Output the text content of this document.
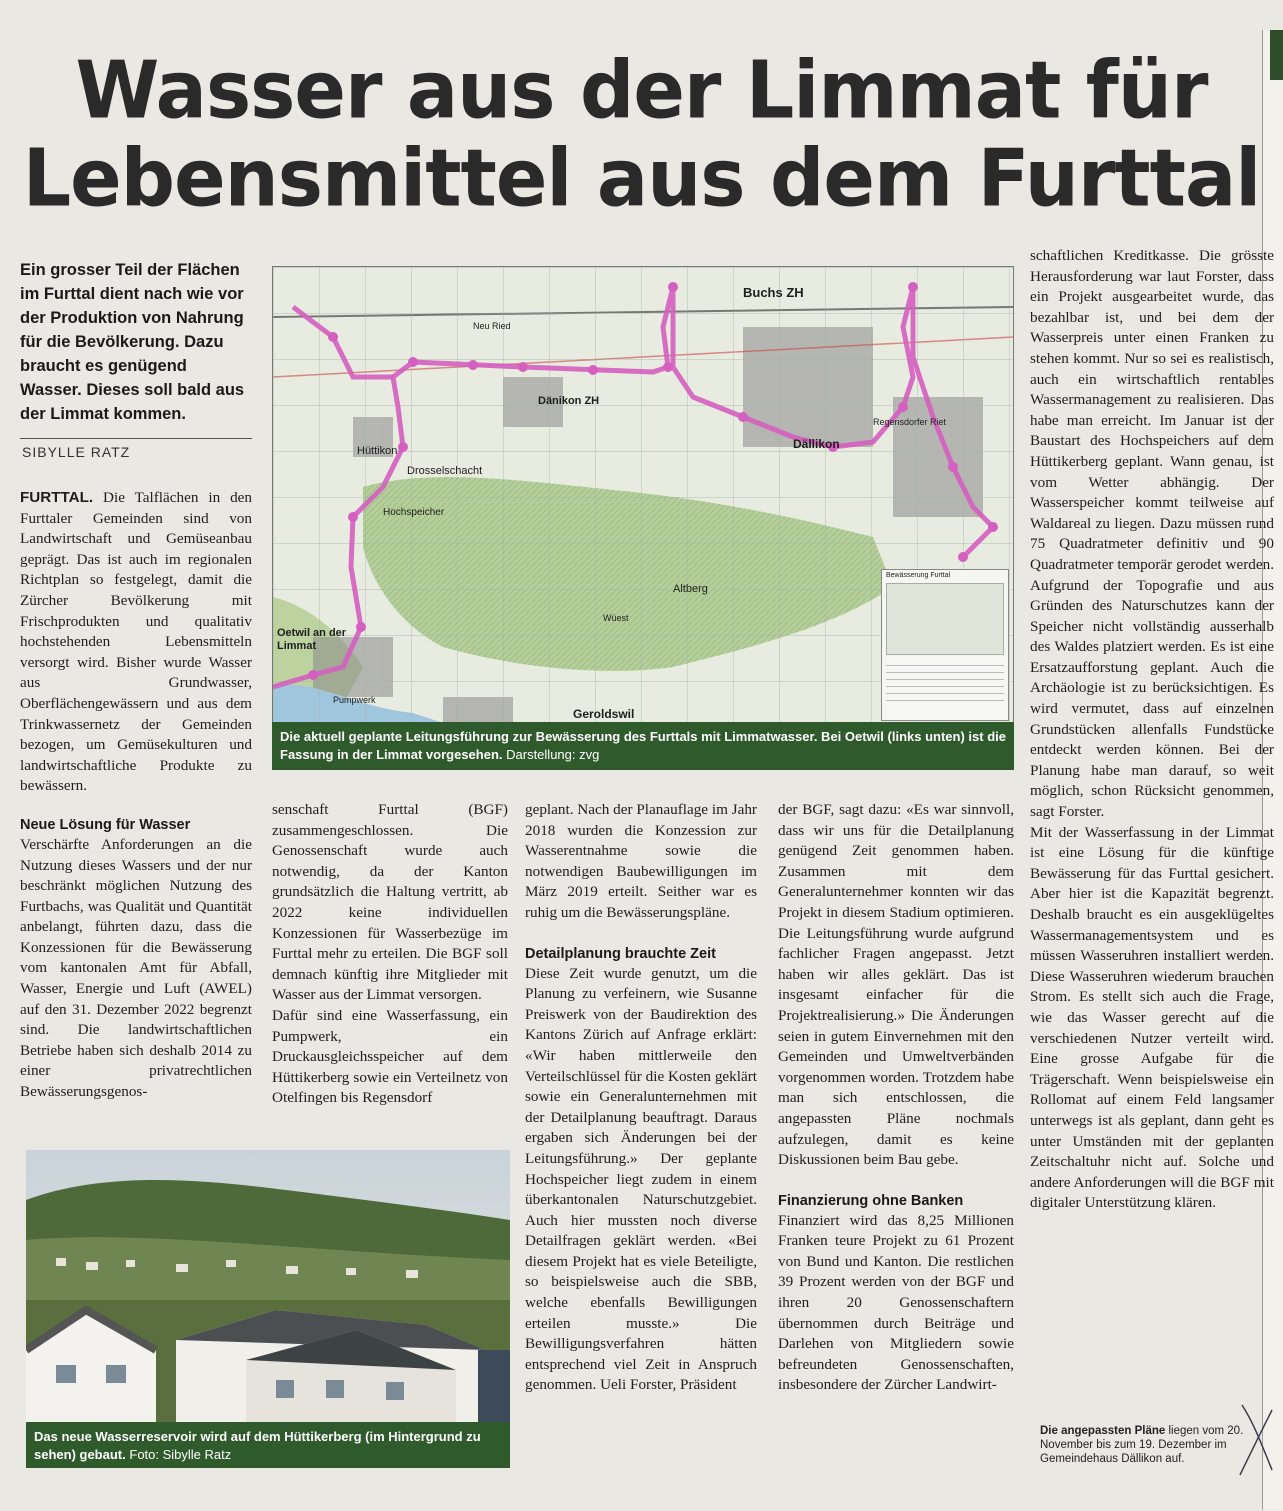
Wasser aus der Limmat für
Lebensmittel aus dem Furttal
Ein grosser Teil der Flächen im Furttal dient nach wie vor der Produktion von Nahrung für die Bevölkerung. Dazu braucht es genügend Wasser. Dieses soll bald aus der Limmat kommen.
SIBYLLE RATZ

FURTTAL. Die Talflächen in den Furttaler Gemeinden sind von Landwirtschaft und Gemüseanbau geprägt. Das ist auch im regionalen Richtplan so festgelegt, damit die Zürcher Bevölkerung mit Frischprodukten und qualitativ hochstehenden Lebensmitteln versorgt wird. Bisher wurde Wasser aus Grundwasser, Oberflächengewässern und aus dem Trinkwassernetz der Gemeinden bezogen, um Gemüsekulturen und landwirtschaftliche Produkte zu bewässern.

Neue Lösung für Wasser

Verschärfte Anforderungen an die Nutzung dieses Wassers und der nur beschränkt möglichen Nutzung des Furtbachs, was Qualität und Quantität anbelangt, führten dazu, dass die Konzessionen für die Bewässerung vom kantonalen Amt für Abfall, Wasser, Energie und Luft (AWEL) auf den 31. Dezember 2022 begrenzt sind. Die landwirtschaftlichen Betriebe haben sich deshalb 2014 zu einer privatrechtlichen Bewässerungsgenos-

Buchs ZH
Dänikon ZH
Dällikon
Hüttikon
Drosselschacht
Hochspeicher
Oetwil an der Limmat
Pumpwerk
Geroldswil
Altberg
Wüest
Neu Ried
Regensdorfer Riet
Bewässerung Furttal
Die aktuell geplante Leitungsführung zur Bewässerung des Furttals mit Limmatwasser. Bei Oetwil (links unten) ist die Fassung in der Limmat vorgesehen. Darstellung: zvg

senschaft Furttal (BGF) zusammengeschlossen. Die Genossenschaft wurde auch notwendig, da der Kanton grundsätzlich die Haltung vertritt, ab 2022 keine individuellen Konzessionen für Wasserbezüge im Furttal mehr zu erteilen. Die BGF soll demnach künftig ihre Mitglieder mit Wasser aus der Limmat versorgen.

Dafür sind eine Wasserfassung, ein Pumpwerk, ein Druckausgleichsspeicher auf dem Hüttikerberg sowie ein Verteilnetz von Otelfingen bis Regensdorf

geplant. Nach der Planauflage im Jahr 2018 wurden die Konzession zur Wasserentnahme sowie die notwendigen Baubewilligungen im März 2019 erteilt. Seither war es ruhig um die Bewässerungspläne.

Detailplanung brauchte Zeit

Diese Zeit wurde genutzt, um die Planung zu verfeinern, wie Susanne Preiswerk von der Baudirektion des Kantons Zürich auf Anfrage erklärt: «Wir haben mittlerweile den Verteilschlüssel für die Kosten geklärt sowie ein Generalunternehmen mit der Detailplanung beauftragt. Daraus ergaben sich Änderungen bei der Leitungsführung.» Der geplante Hochspeicher liegt zudem in einem überkantonalen Naturschutzgebiet. Auch hier mussten noch diverse Detailfragen geklärt werden. «Bei diesem Projekt hat es viele Beteiligte, so beispielsweise auch die SBB, welche ebenfalls Bewilligungen erteilen musste.» Die Bewilligungsverfahren hätten entsprechend viel Zeit in Anspruch genommen. Ueli Forster, Präsident

der BGF, sagt dazu: «Es war sinnvoll, dass wir uns für die Detailplanung genügend Zeit genommen haben. Zusammen mit dem Generalunternehmer konnten wir das Projekt in diesem Stadium optimieren. Die Leitungsführung wurde aufgrund fachlicher Fragen angepasst. Jetzt haben wir alles geklärt. Das ist insgesamt einfacher für die Projektrealisierung.» Die Änderungen seien in gutem Einvernehmen mit den Gemeinden und Umweltverbänden vorgenommen worden. Trotzdem habe man sich entschlossen, die angepassten Pläne nochmals aufzulegen, damit es keine Diskussionen beim Bau gebe.

Finanzierung ohne Banken

Finanziert wird das 8,25 Millionen Franken teure Projekt zu 61 Prozent von Bund und Kanton. Die restlichen 39 Prozent werden von der BGF und ihren 20 Genossenschaftern übernommen durch Beiträge und Darlehen von Mitgliedern sowie befreundeten Genossenschaften, insbesondere der Zürcher Landwirt-

schaftlichen Kreditkasse. Die grösste Herausforderung war laut Forster, dass ein Projekt ausgearbeitet wurde, das bezahlbar ist, und bei dem der Wasserpreis unter einen Franken zu stehen kommt. Nur so sei es realistisch, auch ein wirtschaftlich rentables Wassermanagement zu realisieren. Das habe man erreicht. Im Januar ist der Baustart des Hochspeichers auf dem Hüttikerberg geplant. Wann genau, ist vom Wetter abhängig. Der Wasserspeicher kommt teilweise auf Waldareal zu liegen. Dazu müssen rund 75 Quadratmeter definitiv und 90 Quadratmeter temporär gerodet werden. Aufgrund der Topografie und aus Gründen des Naturschutzes kann der Speicher nicht vollständig ausserhalb des Waldes platziert werden. Es ist eine Ersatzaufforstung geplant. Auch die Archäologie ist zu berücksichtigen. Es wird vermutet, dass auf einzelnen Grundstücken allenfalls Fundstücke entdeckt werden können. Bei der Planung habe man darauf, so weit möglich, schon Rücksicht genommen, sagt Forster.

Mit der Wasserfassung in der Limmat ist eine Lösung für die künftige Bewässerung für das Furttal gesichert. Aber hier ist die Kapazität begrenzt. Deshalb braucht es ein ausgeklügeltes Wassermanagementsystem und es müssen Wasseruhren installiert werden. Diese Wasseruhren wiederum brauchen Strom. Es stellt sich auch die Frage, wie das Wasser gerecht auf die verschiedenen Nutzer verteilt wird. Eine grosse Aufgabe für die Trägerschaft. Wenn beispielsweise ein Rollomat auf einem Feld langsamer unterwegs ist als geplant, dann geht es unter Umständen mit der geplanten Zeitschaltuhr nicht auf. Solche und andere Anforderungen will die BGF mit digitaler Unterstützung klären.

Die angepassten Pläne liegen vom 20. November bis zum 19. Dezember im Gemeindehaus Dällikon auf.
Das neue Wasserreservoir wird auf dem Hüttikerberg (im Hintergrund zu sehen) gebaut. Foto: Sibylle Ratz
